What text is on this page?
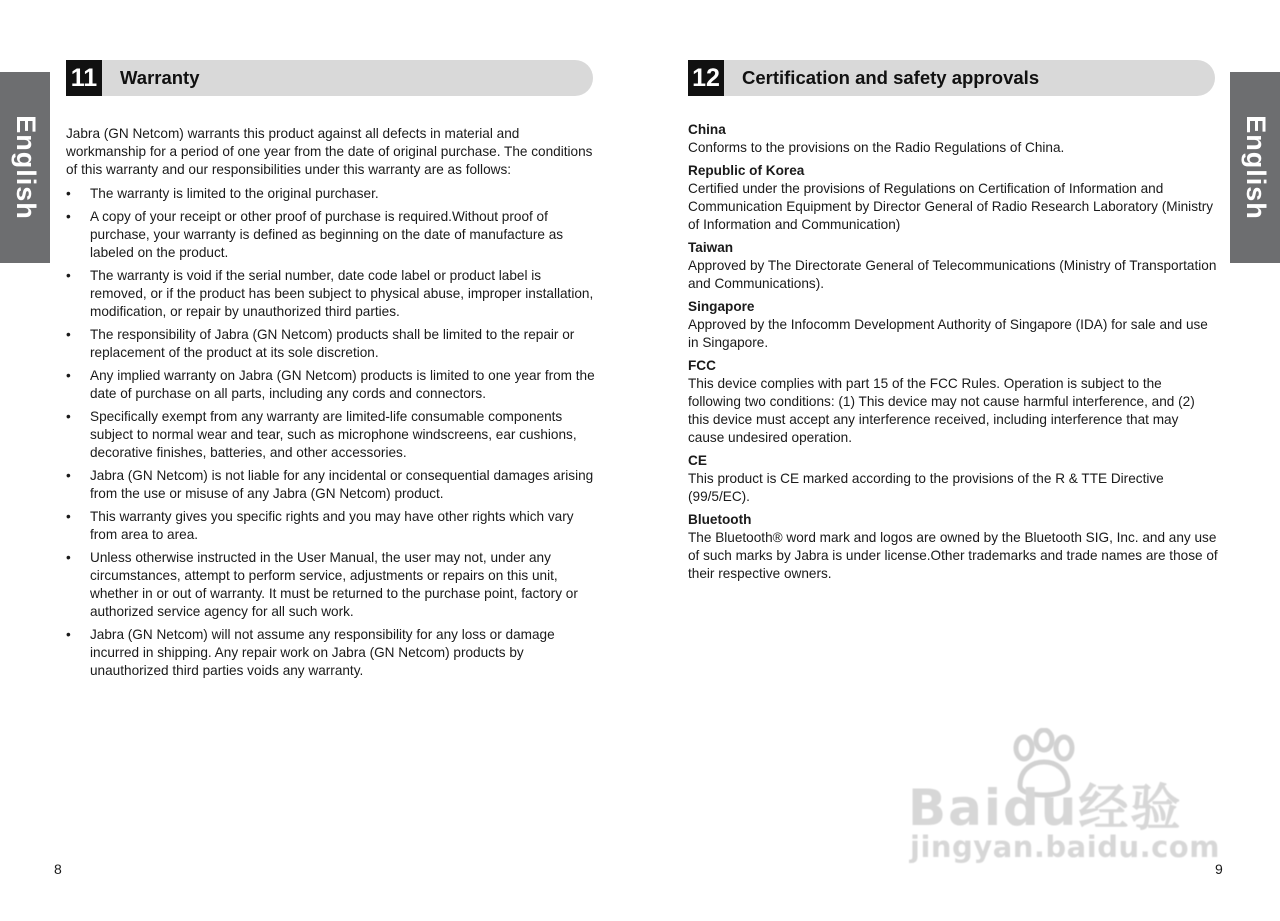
English	English
11 Warranty	12 Certification and safety approvals

Jabra (GN Netcom) warrants this product against all defects in material and workmanship for a period of one year from the date of original purchase. The conditions of this warranty and our responsibilities under this warranty are as follows:

• The warranty is limited to the original purchaser.
• A copy of your receipt or other proof of purchase is required.Without proof of purchase, your warranty is defined as beginning on the date of manufacture as labeled on the product.
• The warranty is void if the serial number, date code label or product label is removed, or if the product has been subject to physical abuse, improper installation, modification, or repair by unauthorized third parties.
• The responsibility of Jabra (GN Netcom) products shall be limited to the repair or replacement of the product at its sole discretion.
• Any implied warranty on Jabra (GN Netcom) products is limited to one year from the date of purchase on all parts, including any cords and connectors.
• Specifically exempt from any warranty are limited-life consumable components subject to normal wear and tear, such as microphone windscreens, ear cushions, decorative finishes, batteries, and other accessories.
• Jabra (GN Netcom) is not liable for any incidental or consequential damages arising from the use or misuse of any Jabra (GN Netcom) product.
• This warranty gives you specific rights and you may have other rights which vary from area to area.
• Unless otherwise instructed in the User Manual, the user may not, under any circumstances, attempt to perform service, adjustments or repairs on this unit, whether in or out of warranty. It must be returned to the purchase point, factory or authorized service agency for all such work.
• Jabra (GN Netcom) will not assume any responsibility for any loss or damage incurred in shipping. Any repair work on Jabra (GN Netcom) products by unauthorized third parties voids any warranty.
China
Conforms to the provisions on the Radio Regulations of China.
Republic of Korea
Certified under the provisions of Regulations on Certification of Information and Communication Equipment by Director General of Radio Research Laboratory (Ministry of Information and Communication)
Taiwan
Approved by The Directorate General of Telecommunications (Ministry of Transportation and Communications).
Singapore
Approved by the Infocomm Development Authority of Singapore (IDA) for sale and use in Singapore.
FCC
This device complies with part 15 of the FCC Rules. Operation is subject to the following two conditions: (1) This device may not cause harmful interference, and (2) this device must accept any interference received, including interference that may cause undesired operation.
CE
This product is CE marked according to the provisions of the R & TTE Directive (99/5/EC).
Bluetooth
The Bluetooth® word mark and logos are owned by the Bluetooth SIG, Inc. and any use of such marks by Jabra is under license.Other trademarks and trade names are those of their respective owners.
8	9
Baidu经验
jingyan.baidu.com
